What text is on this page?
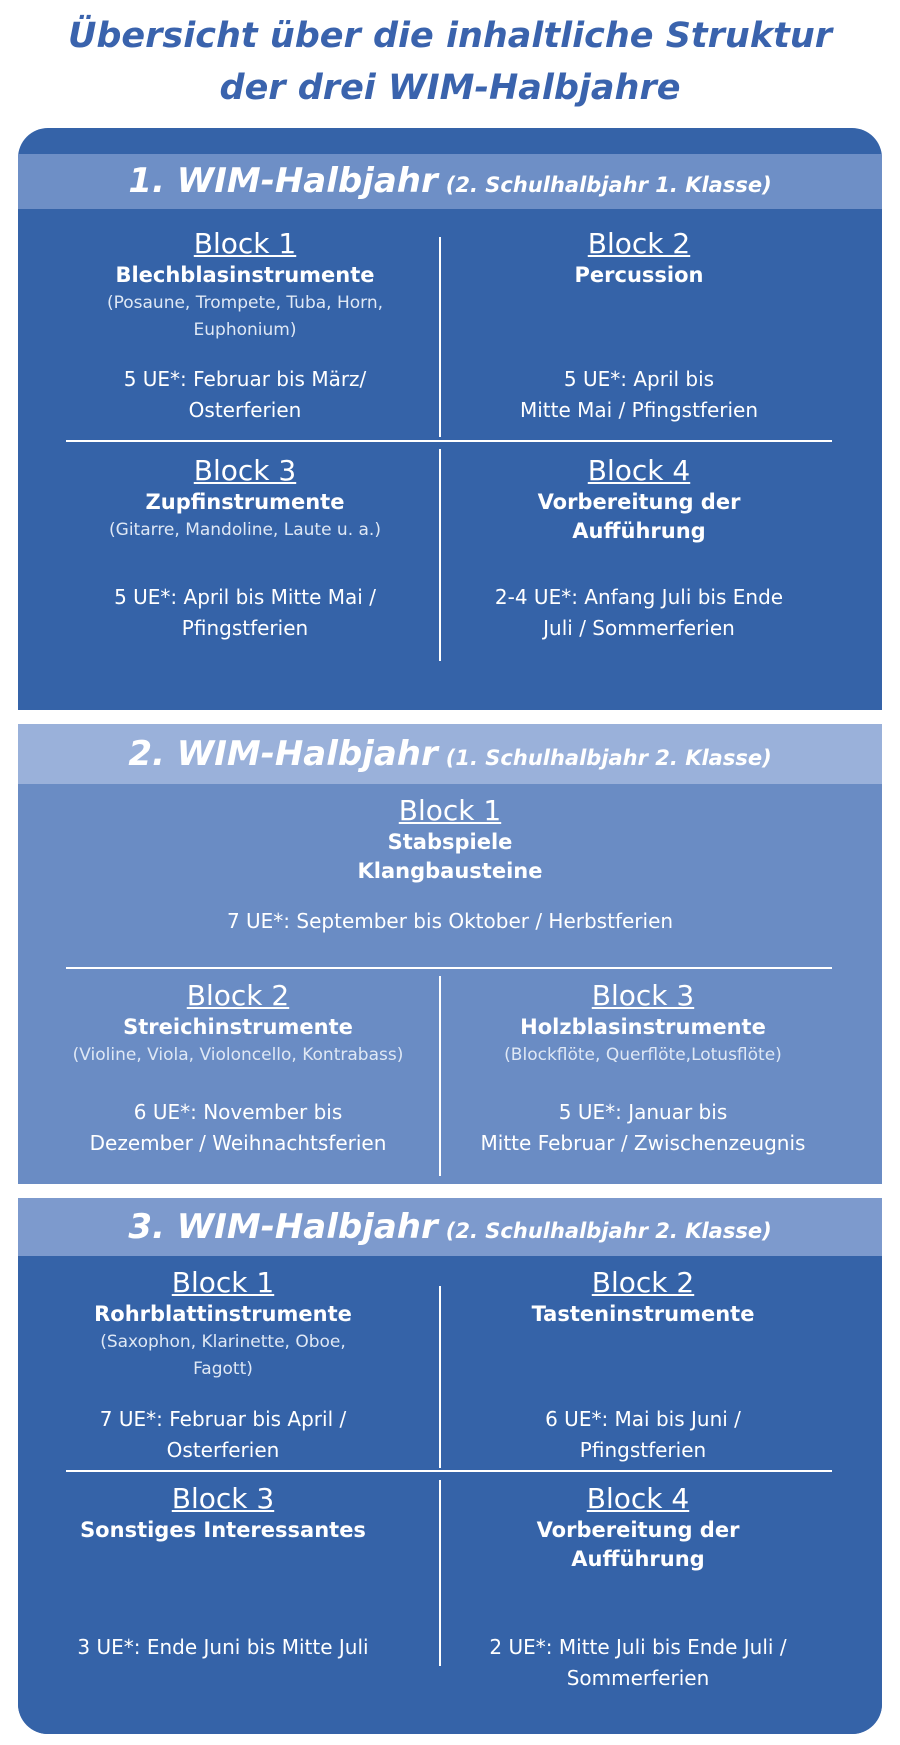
Übersicht über die inhaltliche Struktur
der drei WIM-Halbjahre
1. WIM-Halbjahr (2. Schulhalbjahr 1. Klasse)
Block 1
Blechblasinstrumente
(Posaune, Trompete, Tuba, Horn,
Euphonium)
5 UE*: Februar bis März/
Osterferien
Block 2
Percussion
5 UE*: April bis
Mitte Mai / Pfingstferien
Block 3
Zupfinstrumente
(Gitarre, Mandoline, Laute u. a.)
5 UE*: April bis Mitte Mai /
Pfingstferien
Block 4
Vorbereitung der
Aufführung
2-4 UE*: Anfang Juli bis Ende
Juli / Sommerferien
2. WIM-Halbjahr (1. Schulhalbjahr 2. Klasse)
Block 1
Stabspiele
Klangbausteine
7 UE*: September bis Oktober / Herbstferien
Block 2
Streichinstrumente
(Violine, Viola, Violoncello, Kontrabass)
6 UE*: November bis
Dezember / Weihnachtsferien
Block 3
Holzblasinstrumente
(Blockflöte, Querflöte,Lotusflöte)
5 UE*: Januar bis
Mitte Februar / Zwischenzeugnis
3. WIM-Halbjahr (2. Schulhalbjahr 2. Klasse)
Block 1
Rohrblattinstrumente
(Saxophon, Klarinette, Oboe,
Fagott)
7 UE*: Februar bis April /
Osterferien
Block 2
Tasteninstrumente
6 UE*: Mai bis Juni /
Pfingstferien
Block 3
Sonstiges Interessantes
3 UE*: Ende Juni bis Mitte Juli
Block 4
Vorbereitung der
Aufführung
2 UE*: Mitte Juli bis Ende Juli /
Sommerferien
